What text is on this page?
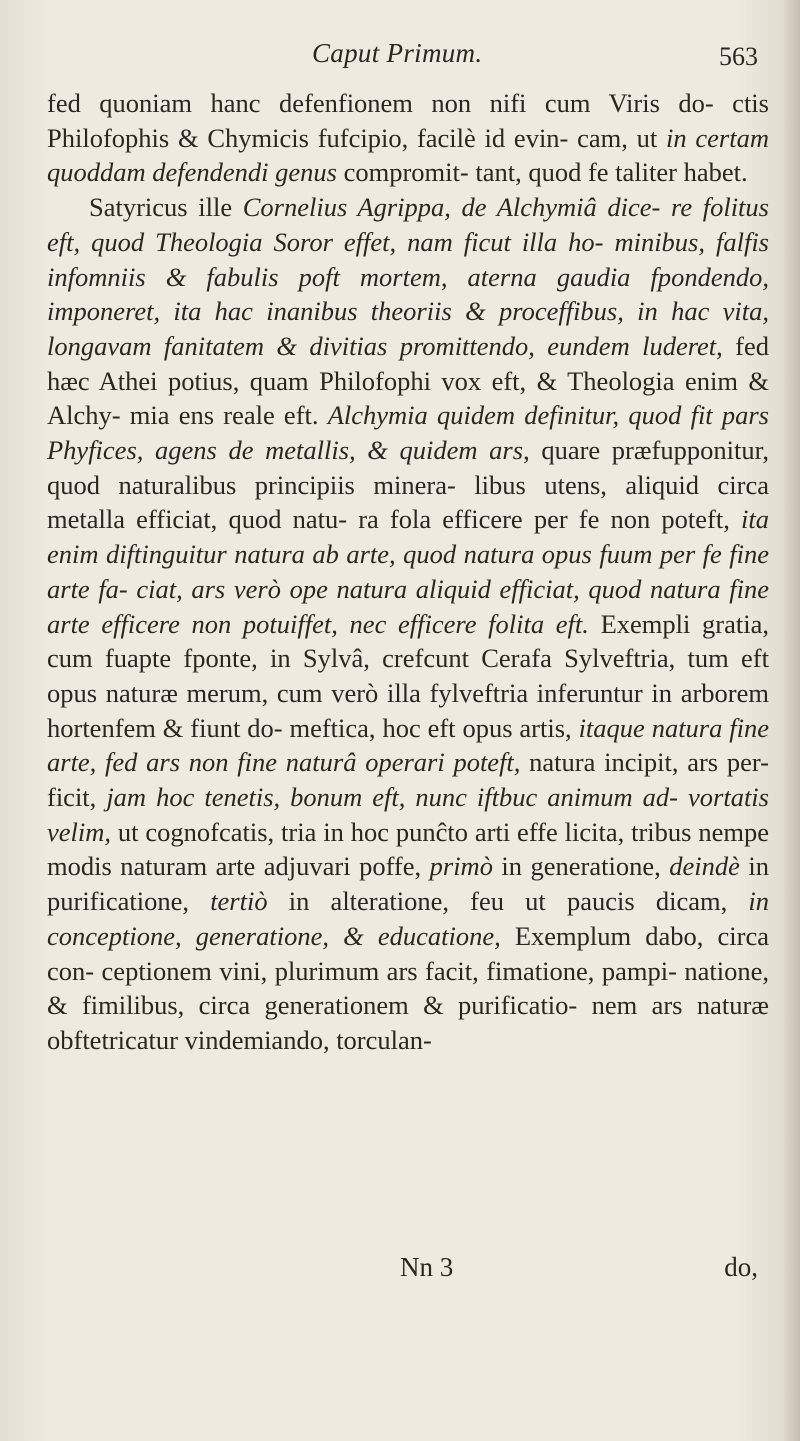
Caput Primum.	563

fed quoniam hanc defenfionem non nifi cum Viris do- ctis Philofophis & Chymicis fufcipio, facilè id evin- cam, ut in certam quoddam defendendi genus compromit- tant, quod fe taliter habet.

Satyricus ille Cornelius Agrippa, de Alchymiâ dice- re folitus eft, quod Theologia Soror effet, nam ficut illa ho- minibus, falfis infomniis & fabulis poft mortem, aterna gaudia fpondendo, imponeret, ita hac inanibus theoriis & proceffibus, in hac vita, longavam fanitatem & divitias promittendo, eundem luderet, fed hæc Athei potius, quam Philofophi vox eft, & Theologia enim & Alchy- mia ens reale eft. Alchymia quidem definitur, quod fit pars Phyfices, agens de metallis, & quidem ars, quare præfupponitur, quod naturalibus principiis minera- libus utens, aliquid circa metalla efficiat, quod natu- ra fola efficere per fe non poteft, ita enim diftinguitur natura ab arte, quod natura opus fuum per fe fine arte fa- ciat, ars verò ope natura aliquid efficiat, quod natura fine arte efficere non potuiffet, nec efficere folita eft. Exempli gratia, cum fuapte fponte, in Sylvâ, crefcunt Cerafa Sylveftria, tum eft opus naturæ merum, cum verò illa fylveftria inferuntur in arborem hortenfem & fiunt do- meftica, hoc eft opus artis, itaque natura fine arte, fed ars non fine naturâ operari poteft, natura incipit, ars per- ficit, jam hoc tenetis, bonum eft, nunc iftbuc animum ad- vortatis velim, ut cognofcatis, tria in hoc punĉto arti effe licita, tribus nempe modis naturam arte adjuvari poffe, primò in generatione, deindè in purificatione, tertiò in alteratione, feu ut paucis dicam, in conceptione, generatione, & educatione, Exemplum dabo, circa con- ceptionem vini, plurimum ars facit, fimatione, pampi- natione, & fimilibus, circa generationem & purificatio- nem ars naturæ obftetricatur vindemiando, torculan-

Nn 3	do,
